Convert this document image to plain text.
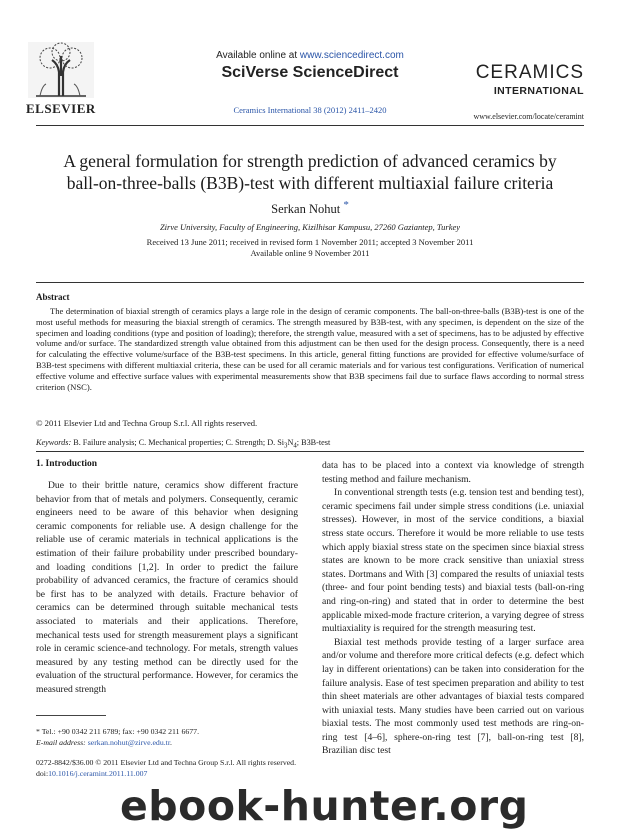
ELSEVIER
Available online at www.sciencedirect.com
SciVerse ScienceDirect
Ceramics International 38 (2012) 2411–2420
CERAMICS
INTERNATIONAL
www.elsevier.com/locate/ceramint
A general formulation for strength prediction of advanced ceramics by
ball-on-three-balls (B3B)-test with different multiaxial failure criteria
Serkan Nohut *
Zirve University, Faculty of Engineering, Kizilhisar Kampusu, 27260 Gaziantep, Turkey
Received 13 June 2011; received in revised form 1 November 2011; accepted 3 November 2011
Available online 9 November 2011
Abstract
The determination of biaxial strength of ceramics plays a large role in the design of ceramic components. The ball-on-three-balls (B3B)-test is one of the most useful methods for measuring the biaxial strength of ceramics. The strength measured by B3B-test, with any specimen, is dependent on the size of the specimen and loading conditions (type and position of loading); therefore, the strength value, measured with a set of specimens, has to be adjusted by effective volume and/or surface. The standardized strength value obtained from this adjustment can be then used for the design process. Consequently, there is a need for calculating the effective volume/surface of the B3B-test specimens. In this article, general fitting functions are provided for effective volume/surface of B3B-test specimens with different multiaxial criteria, these can be used for all ceramic materials and for various test configurations. Verification of numerical effective volume and effective surface values with experimental measurements show that B3B specimens fail due to surface flaws according to normal stress criterion (NSC).
© 2011 Elsevier Ltd and Techna Group S.r.l. All rights reserved.
Keywords: B. Failure analysis; C. Mechanical properties; C. Strength; D. $Si_3N_4$; B3B-test
1. Introduction

Due to their brittle nature, ceramics show different fracture behavior from that of metals and polymers. Consequently, ceramic engineers need to be aware of this behavior when designing ceramic components for reliable use. A design challenge for the reliable use of ceramic materials in technical applications is the estimation of their failure probability under prescribed boundary- and loading conditions [1,2]. In order to predict the failure probability of advanced ceramics, the fracture of ceramics should be first has to be analyzed with details. Fracture behavior of ceramics can be determined through suitable mechanical tests associated to materials and their applications. Therefore, mechanical tests used for strength measurement plays a significant role in ceramic science-and technology. For metals, strength values measured by any testing method can be directly used for the evaluation of the structural performance. However, for ceramics the measured strength

data has to be placed into a context via knowledge of strength testing method and failure mechanism.

In conventional strength tests (e.g. tension test and bending test), ceramic specimens fail under simple stress conditions (i.e. uniaxial stresses). However, in most of the service conditions, a biaxial stress state occurs. Therefore it would be more reliable to use tests which apply biaxial stress state on the specimen since biaxial stress states are known to be more crack sensitive than uniaxial stress states. Dortmans and With [3] compared the results of uniaxial tests (three- and four point bending tests) and biaxial tests (ball-on-ring and ring-on-ring) and stated that in order to determine the best applicable mixed-mode fracture criterion, a varying degree of stress multiaxiality is required for the strength measuring test.

Biaxial test methods provide testing of a larger surface area and/or volume and therefore more critical defects (e.g. defect which lay in different orientations) can be taken into consideration for the failure analysis. Ease of test specimen preparation and ability to test thin sheet materials are other advantages of biaxial tests compared with uniaxial tests. Many studies have been carried out on various biaxial tests. The most commonly used test methods are ring-on-ring test [4–6], sphere-on-ring test [7], ball-on-ring test [8], Brazilian disc test

* Tel.: +90 0342 211 6789; fax: +90 0342 211 6677.
E-mail address: serkan.nohut@zirve.edu.tr.
0272-8842/$36.00 © 2011 Elsevier Ltd and Techna Group S.r.l. All rights reserved.
doi:10.1016/j.ceramint.2011.11.007
ebook-hunter.org
